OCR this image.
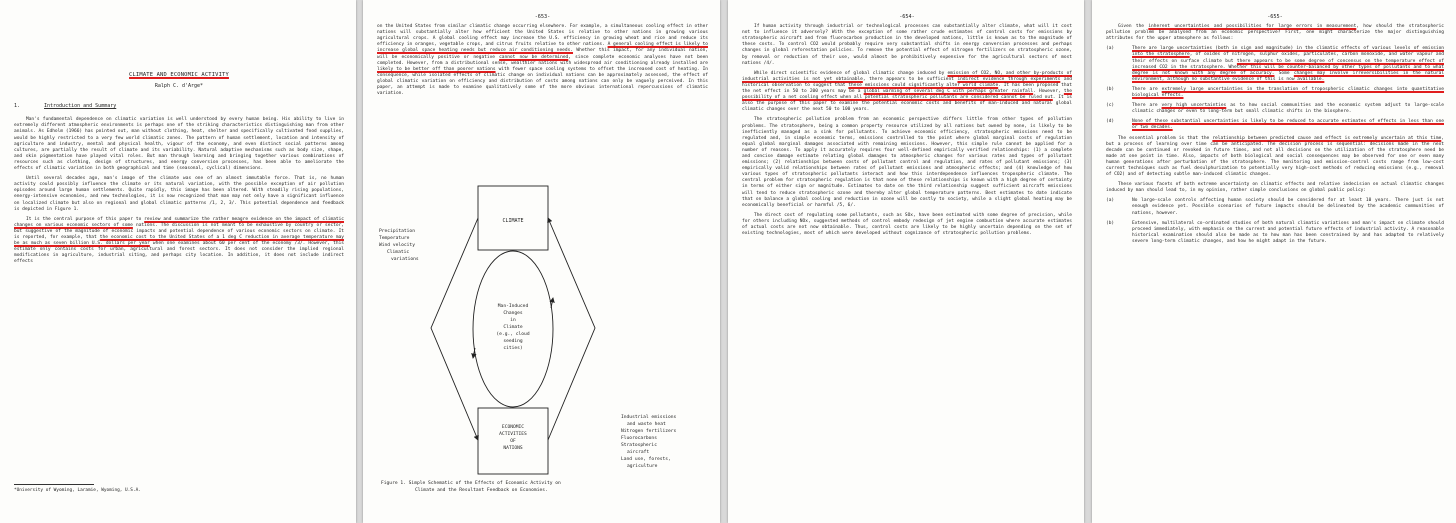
CLIMATE AND ECONOMIC ACTIVITY
Ralph C. d'Arge*
1.	Introduction and Summary

Man's fundamental dependence on climatic variation is well understood by every human being. His ability to live in extremely different atmospheric environments is perhaps one of the striking characteristics distinguishing man from other animals. As Edholm (1966) has pointed out, man without clothing, heat, shelter and specifically cultivated food supplies, would be highly restricted to a very few world climatic zones. The pattern of human settlement, location and intensity of agriculture and industry, mental and physical health, vigour of the economy, and even distinct social patterns among cultures, are partially the result of climate and its variability. Natural adaptive mechanisms such as body size, shape, and skin pigmentation have played vital roles. But man through learning and bringing together various combinations of resources such as clothing, design of structures, and energy conversion processes, has been able to ameliorate the effects of climatic variation in both geographical and time (seasonal, cyclical) dimensions.

Until several decades ago, man's image of the climate was one of an almost immutable force. That is, no human activity could possibly influence the climate or its natural variation, with the possible exception of air pollution episodes around large human settlements. Quite rapidly, this image has been altered. With steadily rising populations, energy-intensive economies, and new technologies, it is now recognized that man may not only have a significant influence on localized climate but also on regional and global climatic patterns /1, 2, 3/. This potential dependence and feedback is depicted in Figure 1.

It is the central purpose of this paper to review and summarize the rather meagre evidence on the impact of climatic changes on various economic sectors of some nations. The discussion is not meant to be exhaustive by country or sector, but suggestive of the magnitude of economic impacts and potential dependence of various economic sectors on climate. It is reported, for example, that the economic cost to the United States of a 1 deg C reduction in average temperature may be as much as seven billion U.S. dollars per year when one examines about 60 per cent of the economy /3/. However, this estimate only contains costs for urban, agricultural and forest sectors. It does not consider the implied regional modifications in agriculture, industrial siting, and perhaps city location. In addition, it does not include indirect effects

*University of Wyoming, Laramie, Wyoming, U.S.A.
-653-

on the United States from similar climatic change occurring elsewhere. For example, a simultaneous cooling effect in other nations will substantially alter how efficient the United States is relative to other nations in growing various agricultural crops. A global cooling effect may increase the U.S. efficiency in growing wheat and rice and reduce its efficiency in oranges, vegetable crops, and citrus fruits relative to other nations. A general cooling effect is likely to increase global space heating needs but reduce air conditioning needs. Whether this impact, for any individual nation, will be economically positive or negative cannot now be determined, since complete economic analyses have not been completed. However, from a distributional sense, wealthier nations with widespread air conditioning already installed are likely to be better off than poorer nations with fewer space cooling systems to offset the increased cost of heating. In consequence, while isolated effects of climatic change on individual nations can be approximately assessed, the effect of global climatic variation on efficiency and distribution of costs among nations can only be vaguely perceived. In this paper, an attempt is made to examine qualitatively some of the more obvious international repercussions of climatic variation.

CLIMATE
ECONOMIC
ACTIVITIES
OF
NATIONS
Man-Induced
Changes
in
Climate
(e.g., cloud
seeding
cities)
Precipitation
Temperature
Wind velocity
Climatic
variations
Industrial emissions
and waste heat
Nitrogen fertilizers
Fluorocarbons
Stratospheric
aircraft
Land use, forests,
agriculture
Figure 1. Simple Schematic of the Effects of Economic Activity on
Climate and the Resultant Feedback on Economies.
-654-

If human activity through industrial or technological processes can substantially alter climate, what will it cost not to influence it adversely? With the exception of some rather crude estimates of control costs for emissions by stratospheric aircraft and from fluorocarbon production in the developed nations, little is known as to the magnitude of these costs. To control CO2 would probably require very substantial shifts in energy conversion processes and perhaps changes in global reforestation policies. To remove the potential effect of nitrogen fertilizers on stratospheric ozone, by removal or reduction of their use, would almost be prohibitively expensive for the agricultural sectors of most nations /4/.

While direct scientific evidence of global climatic change induced by emission of CO2, NO, and other by-products of industrial activities is not yet obtainable, there appears to be sufficient indirect evidence through experiments and historical observation to suggest that these emissions could significantly alter world climate. It has been proposed that the net effect in 50 to 200 years may be a global warming of several deg C with perhaps greater rainfall. However, the possibility of a net cooling effect when all potential stratospheric pollutants are considered cannot be ruled out. It is also the purpose of this paper to examine the potential economic costs and benefits of man-induced and natural global climatic changes over the next 50 to 100 years.

The stratospheric pollution problem from an economic perspective differs little from other types of pollution problems. The stratosphere, being a common property resource utilized by all nations but owned by none, is likely to be inefficiently managed as a sink for pollutants. To achieve economic efficiency, stratospheric emissions need to be regulated and, in simple economic terms, emissions controlled to the point where global marginal costs of regulation equal global marginal damages associated with remaining emissions. However, this simple rule cannot be applied for a number of reasons. To apply it accurately requires four well-defined empirically verified relationships: (1) a complete and concise damage estimate relating global damages to atmospheric changes for various rates and types of pollutant emissions; (2) relationships between costs of pollutant control and regulation, and rates of pollutant emissions; (3) empirically valid relationships between rates of pollutant emissions and atmospheric effects; and (4) knowledge of how various types of stratospheric pollutants interact and how this interdependence influences tropospheric climate. The central problem for stratospheric regulation is that none of these relationships is known with a high degree of certainty in terms of either sign or magnitude. Estimates to date on the third relationship suggest sufficient aircraft emissions will tend to reduce stratospheric ozone and thereby alter global temperature patterns. Best estimates to date indicate that on balance a global cooling and reduction in ozone will be costly to society, while a slight global heating may be economically beneficial or harmful /5, 6/.

The direct cost of regulating some pollutants, such as SOx, have been estimated with some degree of precision, while for others including NOx, suggested methods of control embody redesign of jet engine combustion where accurate estimates of actual costs are not now obtainable. Thus, control costs are likely to be highly uncertain depending on the set of existing technologies, most of which were developed without cognizance of stratospheric pollution problems.

-655-

Given the inherent uncertainties and possibilities for large errors in measurement, how should the stratospheric pollution problem be analysed from an economic perspective? First, one might characterize the major distinguishing attributes for the upper atmosphere as follows:

(a)	There are large uncertainties (both in sign and magnitude) in the climatic effects of various levels of emission into the stratosphere, of oxides of nitrogen, sulphur oxides, particulates, carbon monoxide, and water vapour and their effects on surface climate but there appears to be some degree of concensus on the temperature effect of increased CO2 in the stratosphere. Whether this will be counter-balanced by other types of pollutants and to what degree is not known with any degree of accuracy. Some changes may involve irreversibilities in the natural environment, although no substantive evidence of this is now available.
(b)	There are extremely large uncertainties in the translation of tropospheric climatic changes into quantitative biological effects.
(c)	There are very high uncertainties as to how social communities and the economic system adjust to large-scale climatic changes or even to long-term but small climatic shifts in the biosphere.
(d)	None of these substantial uncertainties is likely to be reduced to accurate estimates of effects in less than one or two decades.

The essential problem is that the relationship between predicted cause and effect is extremely uncertain at this time, but a process of learning over time can be anticipated. The decision process is sequential: decisions made in the next decade can be continued or revoked in future times, and not all decisions on the utilization of the stratosphere need be made at one point in time. Also, impacts of both biological and social consequences may be observed for one or even many human generations after perturbation of the stratosphere. The monitoring and emission-control costs range from low-cost current techniques such as fuel desulphurization to potentially very high-cost methods of reducing emissions (e.g., removal of CO2) and of detecting subtle man-induced climatic changes.

These various facets of both extreme uncertainty on climatic effects and relative indecision on actual climatic changes induced by man should lead to, in my opinion, rather simple conclusions on global public policy:

(a)	No large-scale controls affecting human society should be considered for at least 10 years. There just is not enough evidence yet. Possible scenarios of future impacts should be delineated by the academic communities of nations, however.
(b)	Extensive, multilateral co-ordinated studies of both natural climatic variations and man's impact on climate should proceed immediately, with emphasis on the current and potential future effects of industrial activity. A reasonable historical examination should also be made as to how man has been constrained by and has adapted to relatively severe long-term climatic changes, and how he might adapt in the future.
